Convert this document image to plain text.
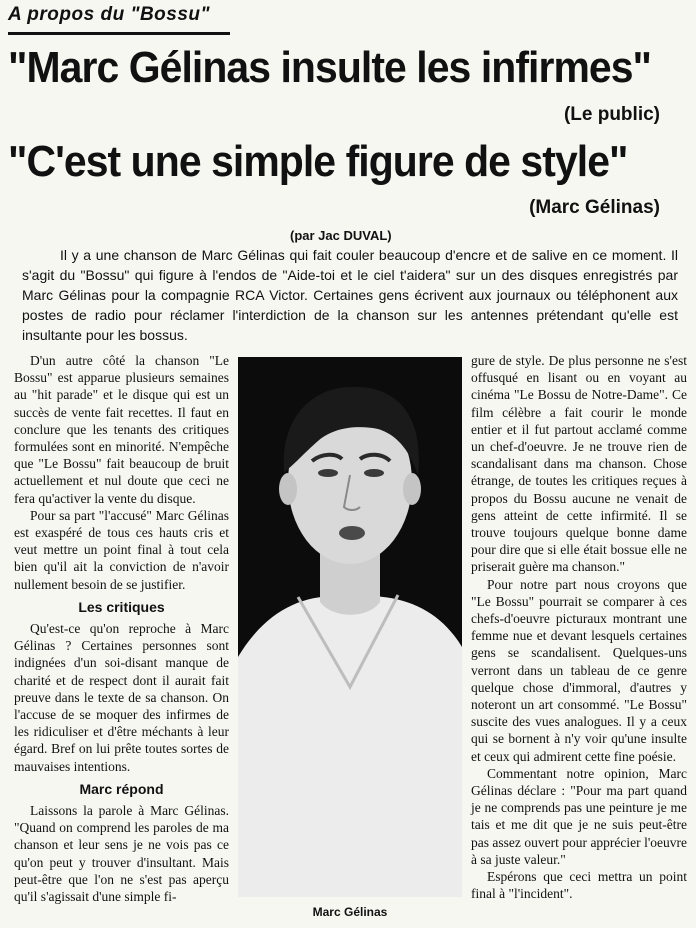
A propos du "Bossu"
"Marc Gélinas insulte les infirmes"
(Le public)
"C'est une simple figure de style"
(Marc Gélinas)
(par Jac DUVAL)

Il y a une chanson de Marc Gélinas qui fait couler beaucoup d'encre et de salive en ce moment. Il s'agit du "Bossu" qui figure à l'endos de "Aide-toi et le ciel t'aidera" sur un des disques enregistrés par Marc Gélinas pour la compagnie RCA Victor. Certaines gens écrivent aux journaux ou téléphonent aux postes de radio pour réclamer l'interdiction de la chanson sur les antennes prétendant qu'elle est insultante pour les bossus.

D'un autre côté la chanson "Le Bossu" est apparue plusieurs semaines au "hit parade" et le disque qui est un succès de vente fait recettes. Il faut en conclure que les tenants des critiques formulées sont en minorité. N'empêche que "Le Bossu" fait beaucoup de bruit actuellement et nul doute que ceci ne fera qu'activer la vente du disque.

Pour sa part "l'accusé" Marc Gélinas est exaspéré de tous ces hauts cris et veut mettre un point final à tout cela bien qu'il ait la conviction de n'avoir nullement besoin de se justifier.

Les critiques

Qu'est-ce qu'on reproche à Marc Gélinas ? Certaines personnes sont indignées d'un soi-disant manque de charité et de respect dont il aurait fait preuve dans le texte de sa chanson. On l'accuse de se moquer des infirmes de les ridiculiser et d'être méchants à leur égard. Bref on lui prête toutes sortes de mauvaises intentions.

Marc répond

Laissons la parole à Marc Gélinas. "Quand on comprend les paroles de ma chanson et leur sens je ne vois pas ce qu'on peut y trouver d'insultant. Mais peut-être que l'on ne s'est pas aperçu qu'il s'agissait d'une simple fi-

Marc Gélinas

gure de style. De plus personne ne s'est offusqué en lisant ou en voyant au cinéma "Le Bossu de Notre-Dame". Ce film célèbre a fait courir le monde entier et il fut partout acclamé comme un chef-d'oeuvre. Je ne trouve rien de scandalisant dans ma chanson. Chose étrange, de toutes les critiques reçues à propos du Bossu aucune ne venait de gens atteint de cette infirmité. Il se trouve toujours quelque bonne dame pour dire que si elle était bossue elle ne priserait guère ma chanson."

Pour notre part nous croyons que "Le Bossu" pourrait se comparer à ces chefs-d'oeuvre picturaux montrant une femme nue et devant lesquels certaines gens se scandalisent. Quelques-uns verront dans un tableau de ce genre quelque chose d'immoral, d'autres y noteront un art consommé. "Le Bossu" suscite des vues analogues. Il y a ceux qui se bornent à n'y voir qu'une insulte et ceux qui admirent cette fine poésie.

Commentant notre opinion, Marc Gélinas déclare : "Pour ma part quand je ne comprends pas une peinture je me tais et me dit que je ne suis peut-être pas assez ouvert pour apprécier l'oeuvre à sa juste valeur."

Espérons que ceci mettra un point final à "l'incident".
